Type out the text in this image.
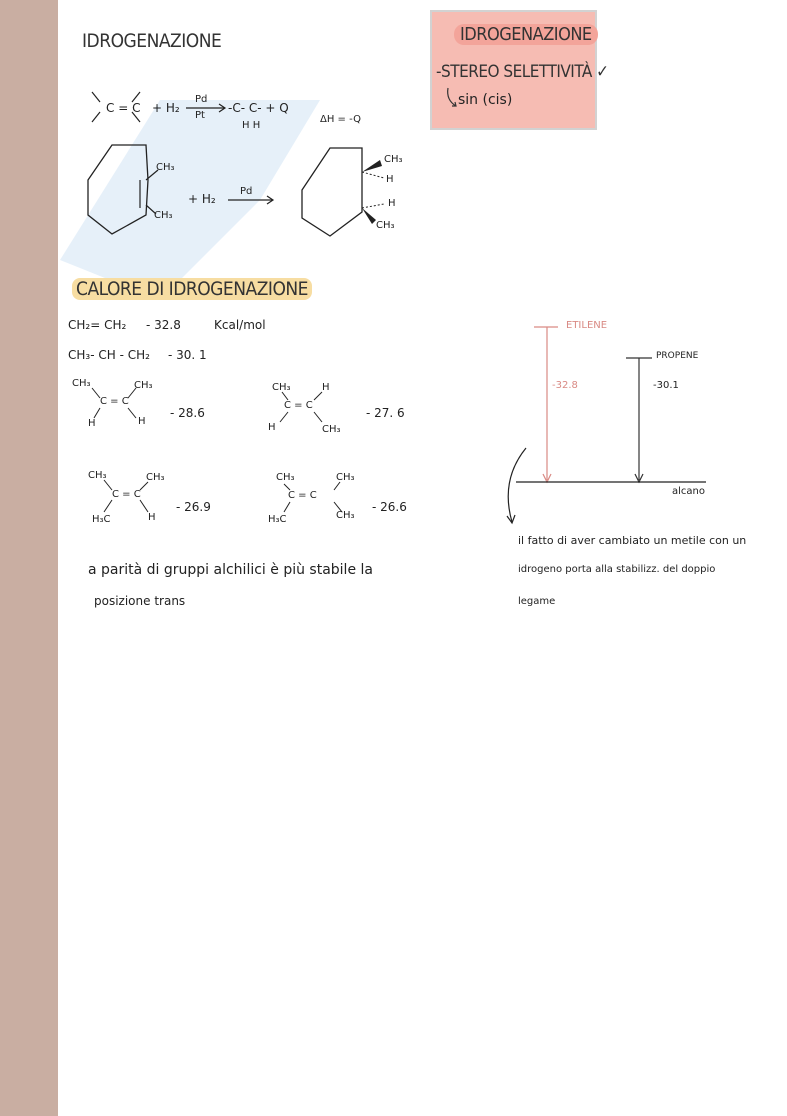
IDROGENAZIONE	IDROGENAZIONE
-STEREO SELETTIVITÀ ✓
sin (cis)
C = C + H₂
Pd
Pt
-C- C- + Q
H H
ΔH = -Q
CH₃
CH₃
+ H₂
Pd
CH₃
H
H
CH₃
CALORE DI IDROGENAZIONE
CH₂= CH₂ - 32.8	Kcal/mol
CH₃- CH - CH₂ - 30. 1
CH₃	CH₃
C = C
H	H
- 28.6
CH₃	H
C = C
H	CH₃
- 27. 6
CH₃	CH₃
C = C
H₃C	H
- 26.9
CH₃	CH₃
C = C
H₃C	CH₃
- 26.6
a parità di gruppi alchilici è più stabile la
posizione trans
ETILENE
-32.8
PROPENE
-30.1
alcano
il fatto di aver cambiato un metile con un
idrogeno porta alla stabilizz. del doppio
legame
